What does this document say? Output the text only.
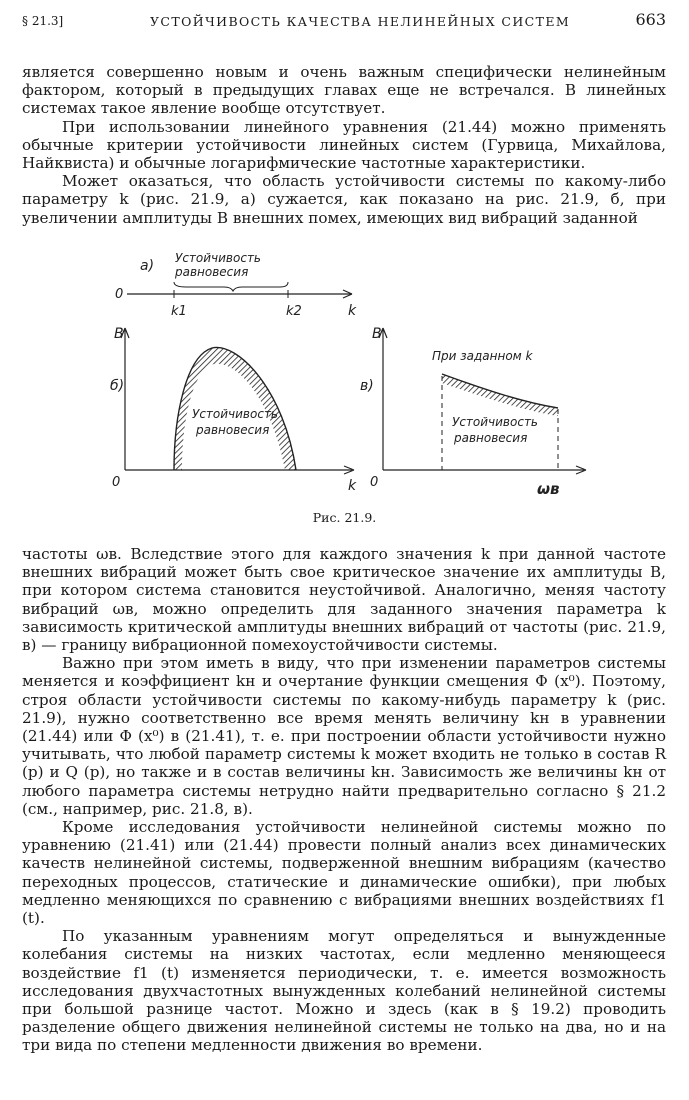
§ 21.3]	УСТОЙЧИВОСТЬ КАЧЕСТВА НЕЛИНЕЙНЫХ СИСТЕМ	663

является совершенно новым и очень важным специфически нелинейным фактором, который в предыдущих главах еще не встречался. В линейных системах такое явление вообще отсутствует.

При использовании линейного уравнения (21.44) можно применять обычные критерии устойчивости линейных систем (Гурвица, Михайлова, Найквиста) и обычные логарифмические частотные характеристики.

Может оказаться, что область устойчивости системы по какому-либо параметру k (рис. 21.9, а) сужается, как показано на рис. 21.9, б, при увеличении амплитуды B внешних помех, имеющих вид вибраций заданной

а) Устойчивость
равновесия
0
k1	k2	k
B
б)
0	k
Устойчивость
равновесия
B
в)
0	ωв
При заданном k
Устойчивость
равновесия
Рис. 21.9.

частоты ωв. Вследствие этого для каждого значения k при данной частоте внешних вибраций может быть свое критическое значение их амплитуды B, при котором система становится неустойчивой. Аналогично, меняя частоту вибраций ωв, можно определить для заданного значения параметра k зависимость критической амплитуды внешних вибраций от частоты (рис. 21.9, в) — границу вибрационной помехоустойчивости системы.

Важно при этом иметь в виду, что при изменении параметров системы меняется и коэффициент kн и очертание функции смещения Φ (x⁰). Поэтому, строя области устойчивости системы по какому-нибудь параметру k (рис. 21.9), нужно соответственно все время менять величину kн в уравнении (21.44) или Φ (x⁰) в (21.41), т. е. при построении области устойчивости нужно учитывать, что любой параметр системы k может входить не только в состав R (p) и Q (p), но также и в состав величины kн. Зависимость же величины kн от любого параметра системы нетрудно найти предварительно согласно § 21.2 (см., например, рис. 21.8, в).

Кроме исследования устойчивости нелинейной системы можно по уравнению (21.41) или (21.44) провести полный анализ всех динамических качеств нелинейной системы, подверженной внешним вибрациям (качество переходных процессов, статические и динамические ошибки), при любых медленно меняющихся по сравнению с вибрациями внешних воздействиях f1 (t).

По указанным уравнениям могут определяться и вынужденные колебания системы на низких частотах, если медленно меняющееся воздействие f1 (t) изменяется периодически, т. е. имеется возможность исследования двухчастотных вынужденных колебаний нелинейной системы при большой разнице частот. Можно и здесь (как в § 19.2) проводить разделение общего движения нелинейной системы не только на два, но и на три вида по степени медленности движения во времени.
